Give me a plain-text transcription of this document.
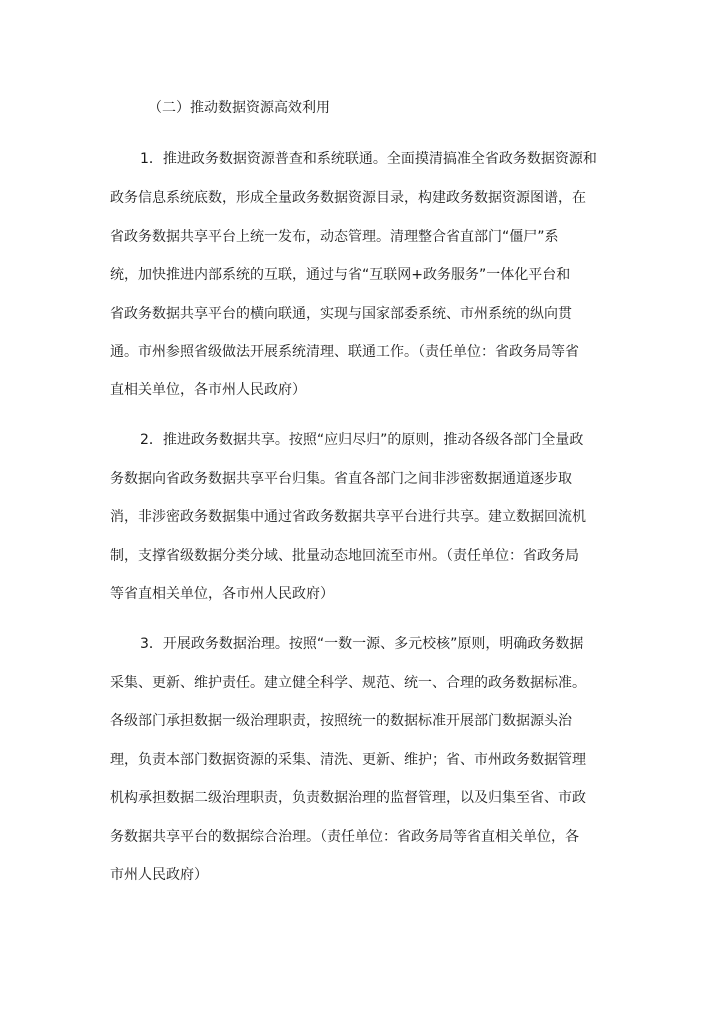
（二）推动数据资源高效利用
1．推进政务数据资源普查和系统联通。全面摸清搞准全省政务数据资源和
政务信息系统底数，形成全量政务数据资源目录，构建政务数据资源图谱，在
省政务数据共享平台上统一发布，动态管理。清理整合省直部门“僵尸”系
统，加快推进内部系统的互联，通过与省“互联网+政务服务”一体化平台和
省政务数据共享平台的横向联通，实现与国家部委系统、市州系统的纵向贯
通。市州参照省级做法开展系统清理、联通工作。（责任单位：省政务局等省
直相关单位，各市州人民政府）
2．推进政务数据共享。按照“应归尽归”的原则，推动各级各部门全量政
务数据向省政务数据共享平台归集。省直各部门之间非涉密数据通道逐步取
消，非涉密政务数据集中通过省政务数据共享平台进行共享。建立数据回流机
制，支撑省级数据分类分域、批量动态地回流至市州。（责任单位：省政务局
等省直相关单位，各市州人民政府）
3．开展政务数据治理。按照“一数一源、多元校核”原则，明确政务数据
采集、更新、维护责任。建立健全科学、规范、统一、合理的政务数据标准。
各级部门承担数据一级治理职责，按照统一的数据标准开展部门数据源头治
理，负责本部门数据资源的采集、清洗、更新、维护；省、市州政务数据管理
机构承担数据二级治理职责，负责数据治理的监督管理，以及归集至省、市政
务数据共享平台的数据综合治理。（责任单位：省政务局等省直相关单位，各
市州人民政府）
